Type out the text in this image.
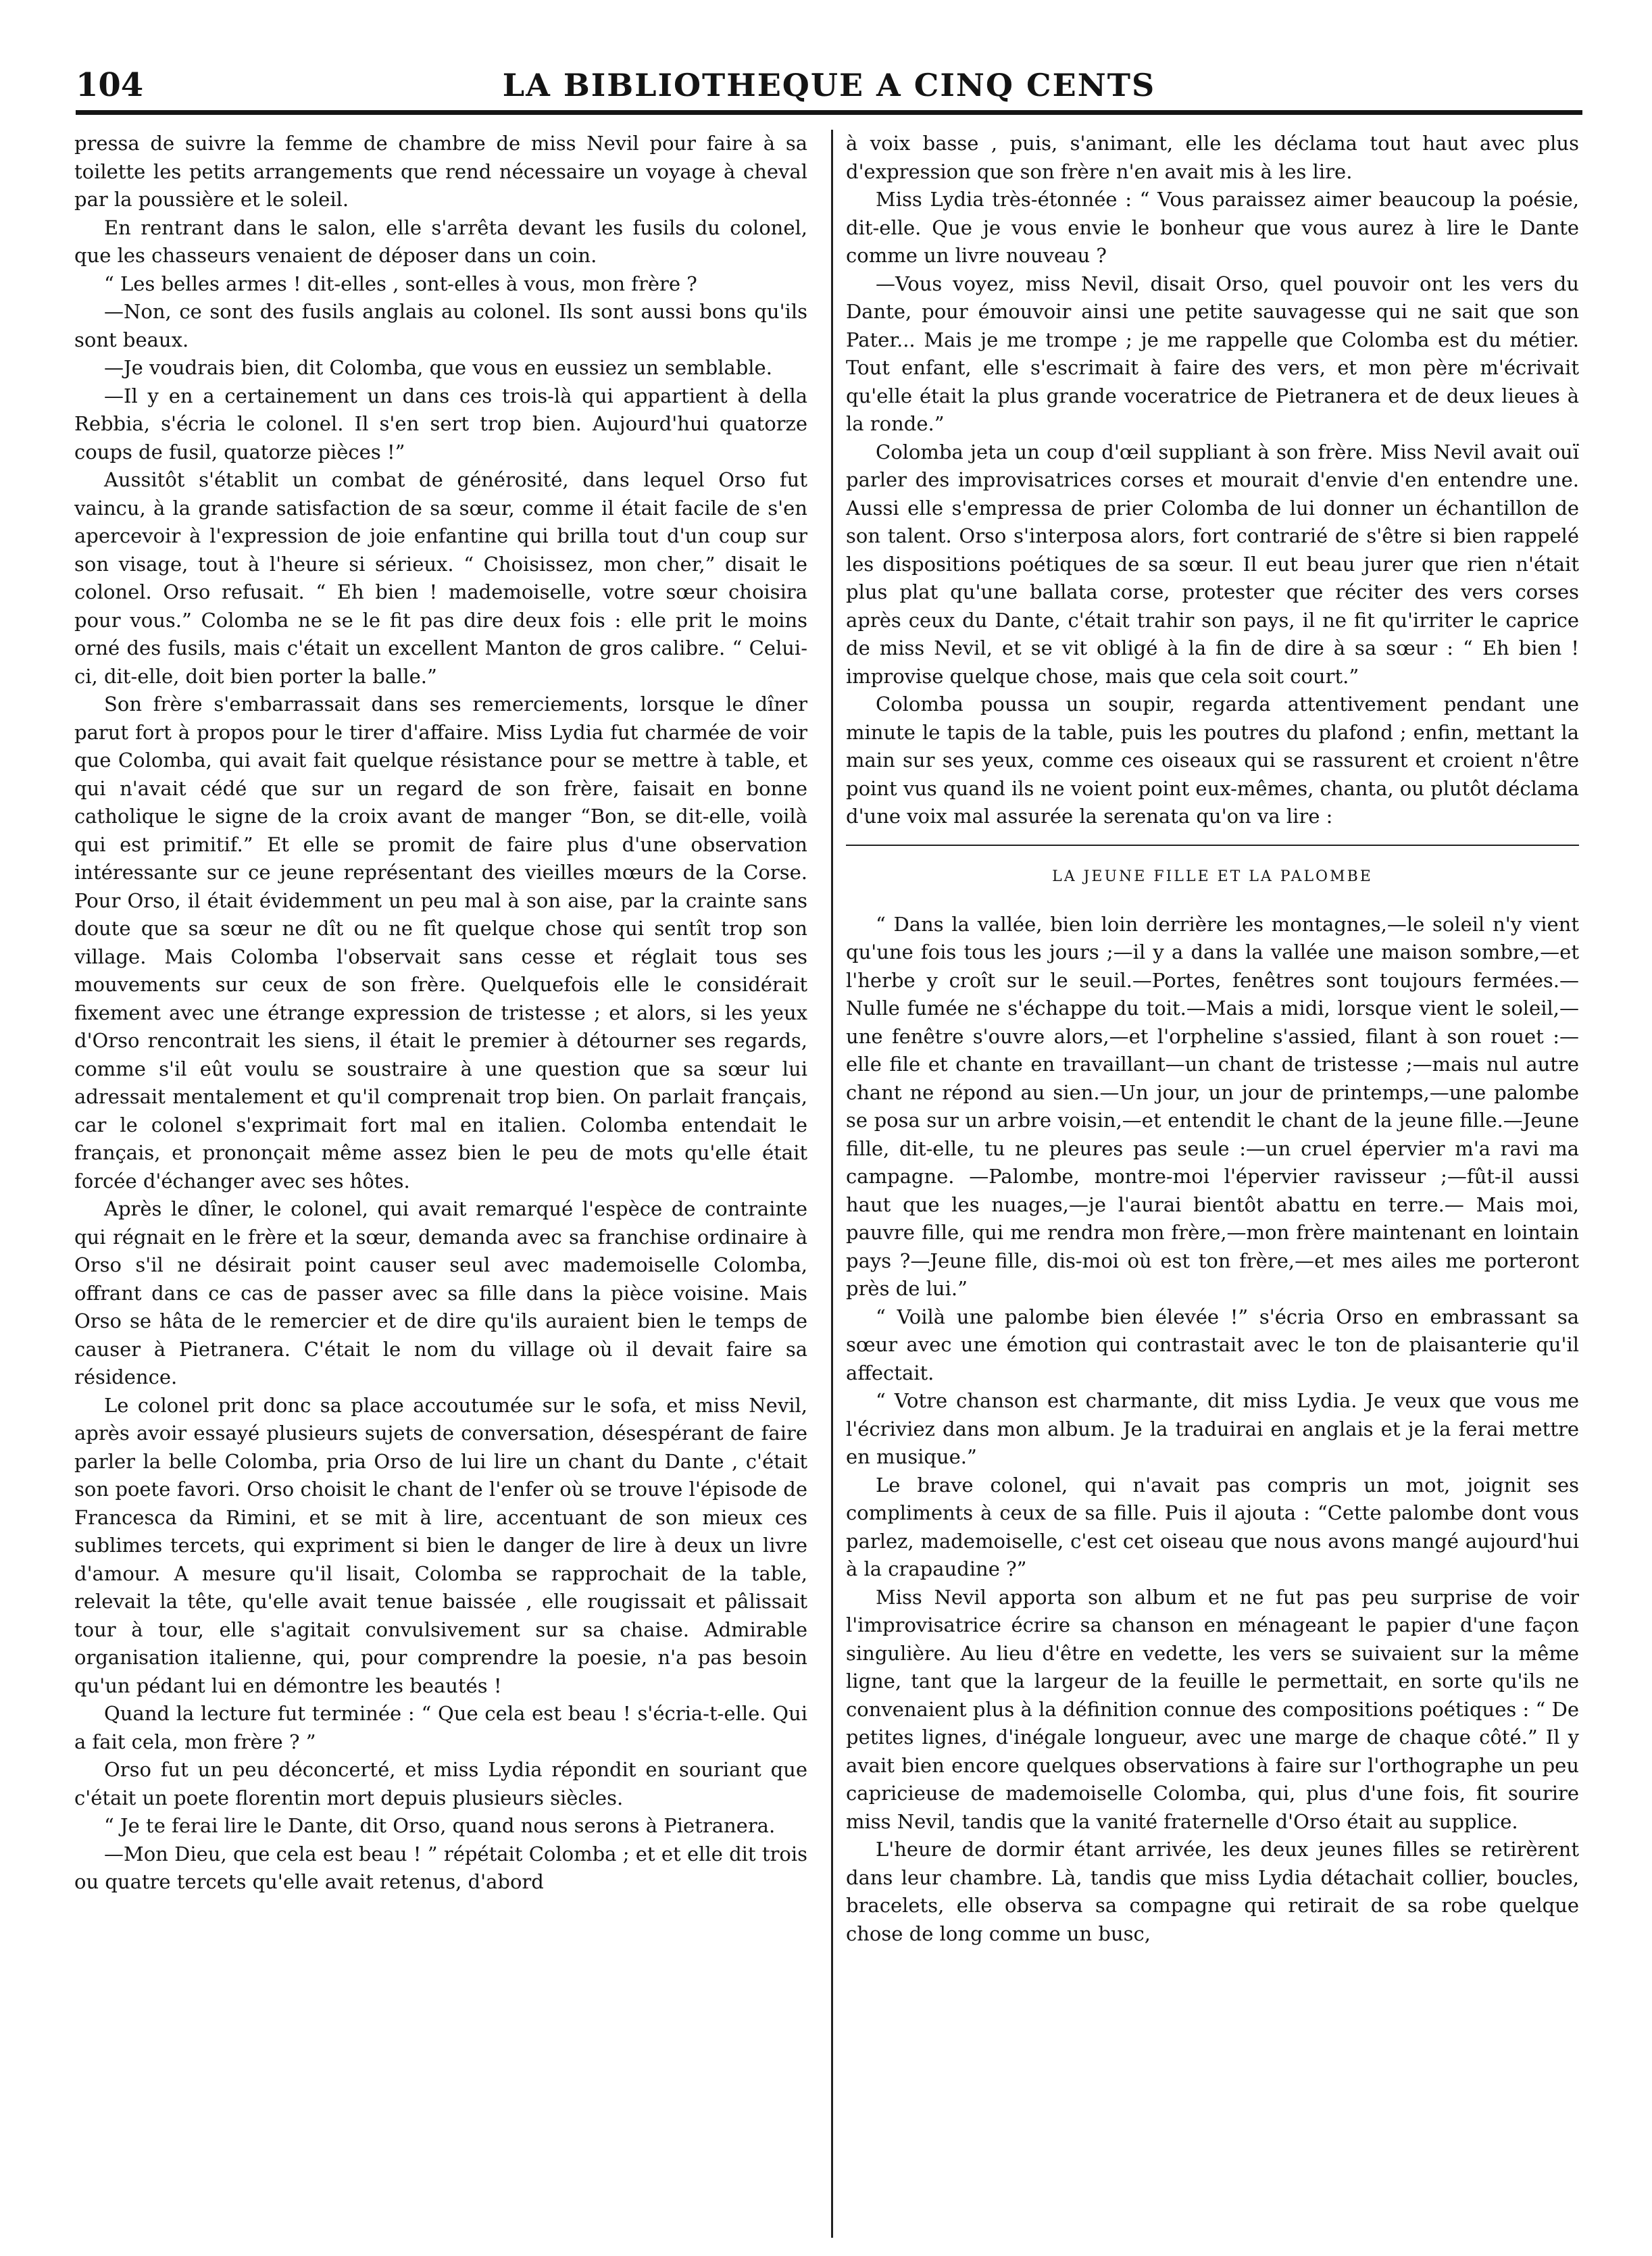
104	LA BIBLIOTHEQUE A CINQ CENTS

pressa de suivre la femme de chambre de miss Nevil pour faire à sa toilette les petits arrangements que rend nécessaire un voyage à cheval par la poussière et le soleil.

En rentrant dans le salon, elle s'arrêta devant les fusils du colonel, que les chasseurs venaient de déposer dans un coin.

“ Les belles armes ! dit-elles , sont-elles à vous, mon frère ?

—Non, ce sont des fusils anglais au colonel. Ils sont aussi bons qu'ils sont beaux.

—Je voudrais bien, dit Colomba, que vous en eussiez un semblable.

—Il y en a certainement un dans ces trois-là qui appartient à della Rebbia, s'écria le colonel. Il s'en sert trop bien. Aujourd'hui quatorze coups de fusil, quatorze pièces !”

Aussitôt s'établit un combat de générosité, dans lequel Orso fut vaincu, à la grande satisfaction de sa sœur, comme il était facile de s'en apercevoir à l'expression de joie enfantine qui brilla tout d'un coup sur son visage, tout à l'heure si sérieux. “ Choisissez, mon cher,” disait le colonel. Orso refusait. “ Eh bien ! mademoiselle, votre sœur choisira pour vous.” Colomba ne se le fit pas dire deux fois : elle prit le moins orné des fusils, mais c'était un excellent Manton de gros calibre. “ Celui-ci, dit-elle, doit bien porter la balle.”

Son frère s'embarrassait dans ses remerciements, lorsque le dîner parut fort à propos pour le tirer d'affaire. Miss Lydia fut charmée de voir que Colomba, qui avait fait quelque résistance pour se mettre à table, et qui n'avait cédé que sur un regard de son frère, faisait en bonne catholique le signe de la croix avant de manger “Bon, se dit-elle, voilà qui est primitif.” Et elle se promit de faire plus d'une observation intéressante sur ce jeune représentant des vieilles mœurs de la Corse. Pour Orso, il était évidemment un peu mal à son aise, par la crainte sans doute que sa sœur ne dît ou ne fît quelque chose qui sentît trop son village. Mais Colomba l'observait sans cesse et réglait tous ses mouvements sur ceux de son frère. Quelquefois elle le considérait fixement avec une étrange expression de tristesse ; et alors, si les yeux d'Orso rencontrait les siens, il était le premier à détourner ses regards, comme s'il eût voulu se soustraire à une question que sa sœur lui adressait mentalement et qu'il comprenait trop bien. On parlait français, car le colonel s'exprimait fort mal en italien. Colomba entendait le français, et prononçait même assez bien le peu de mots qu'elle était forcée d'échanger avec ses hôtes.

Après le dîner, le colonel, qui avait remarqué l'espèce de contrainte qui régnait en le frère et la sœur, demanda avec sa franchise ordinaire à Orso s'il ne désirait point causer seul avec mademoiselle Colomba, offrant dans ce cas de passer avec sa fille dans la pièce voisine. Mais Orso se hâta de le remercier et de dire qu'ils auraient bien le temps de causer à Pietranera. C'était le nom du village où il devait faire sa résidence.

Le colonel prit donc sa place accoutumée sur le sofa, et miss Nevil, après avoir essayé plusieurs sujets de conversation, désespérant de faire parler la belle Colomba, pria Orso de lui lire un chant du Dante , c'était son poete favori. Orso choisit le chant de l'enfer où se trouve l'épisode de Francesca da Rimini, et se mit à lire, accentuant de son mieux ces sublimes tercets, qui expriment si bien le danger de lire à deux un livre d'amour. A mesure qu'il lisait, Colomba se rapprochait de la table, relevait la tête, qu'elle avait tenue baissée , elle rougissait et pâlissait tour à tour, elle s'agitait convulsivement sur sa chaise. Admirable organisation italienne, qui, pour comprendre la poesie, n'a pas besoin qu'un pédant lui en démontre les beautés !

Quand la lecture fut terminée : “ Que cela est beau ! s'écria-t-elle. Qui a fait cela, mon frère ? ”

Orso fut un peu déconcerté, et miss Lydia répondit en souriant que c'était un poete florentin mort depuis plusieurs siècles.

“ Je te ferai lire le Dante, dit Orso, quand nous serons à Pietranera.

—Mon Dieu, que cela est beau ! ” répétait Colomba ; et et elle dit trois ou quatre tercets qu'elle avait retenus, d'abord

à voix basse , puis, s'animant, elle les déclama tout haut avec plus d'expression que son frère n'en avait mis à les lire.

Miss Lydia très-étonnée : “ Vous paraissez aimer beaucoup la poésie, dit-elle. Que je vous envie le bonheur que vous aurez à lire le Dante comme un livre nouveau ?

—Vous voyez, miss Nevil, disait Orso, quel pouvoir ont les vers du Dante, pour émouvoir ainsi une petite sauvagesse qui ne sait que son Pater... Mais je me trompe ; je me rappelle que Colomba est du métier. Tout enfant, elle s'escrimait à faire des vers, et mon père m'écrivait qu'elle était la plus grande voceratrice de Pietranera et de deux lieues à la ronde.”

Colomba jeta un coup d'œil suppliant à son frère. Miss Nevil avait ouï parler des improvisatrices corses et mourait d'envie d'en entendre une. Aussi elle s'empressa de prier Colomba de lui donner un échantillon de son talent. Orso s'interposa alors, fort contrarié de s'être si bien rappelé les dispositions poétiques de sa sœur. Il eut beau jurer que rien n'était plus plat qu'une ballata corse, protester que réciter des vers corses après ceux du Dante, c'était trahir son pays, il ne fit qu'irriter le caprice de miss Nevil, et se vit obligé à la fin de dire à sa sœur : “ Eh bien ! improvise quelque chose, mais que cela soit court.”

Colomba poussa un soupir, regarda attentivement pendant une minute le tapis de la table, puis les poutres du plafond ; enfin, mettant la main sur ses yeux, comme ces oiseaux qui se rassurent et croient n'être point vus quand ils ne voient point eux-mêmes, chanta, ou plutôt déclama d'une voix mal assurée la serenata qu'on va lire :

LA JEUNE FILLE ET LA PALOMBE

“ Dans la vallée, bien loin derrière les montagnes,—le soleil n'y vient qu'une fois tous les jours ;—il y a dans la vallée une maison sombre,—et l'herbe y croît sur le seuil.—Portes, fenêtres sont toujours fermées.—Nulle fumée ne s'échappe du toit.—Mais a midi, lorsque vient le soleil,—une fenêtre s'ouvre alors,—et l'orpheline s'assied, filant à son rouet :—elle file et chante en travaillant—un chant de tristesse ;—mais nul autre chant ne répond au sien.—Un jour, un jour de printemps,—une palombe se posa sur un arbre voisin,—et entendit le chant de la jeune fille.—Jeune fille, dit-elle, tu ne pleures pas seule :—un cruel épervier m'a ravi ma campagne. —Palombe, montre-moi l'épervier ravisseur ;—fût-il aussi haut que les nuages,—je l'aurai bientôt abattu en terre.— Mais moi, pauvre fille, qui me rendra mon frère,—mon frère maintenant en lointain pays ?—Jeune fille, dis-moi où est ton frère,—et mes ailes me porteront près de lui.”

“ Voilà une palombe bien élevée !” s'écria Orso en embrassant sa sœur avec une émotion qui contrastait avec le ton de plaisanterie qu'il affectait.

“ Votre chanson est charmante, dit miss Lydia. Je veux que vous me l'écriviez dans mon album. Je la traduirai en anglais et je la ferai mettre en musique.”

Le brave colonel, qui n'avait pas compris un mot, joignit ses compliments à ceux de sa fille. Puis il ajouta : “Cette palombe dont vous parlez, mademoiselle, c'est cet oiseau que nous avons mangé aujourd'hui à la crapaudine ?”

Miss Nevil apporta son album et ne fut pas peu surprise de voir l'improvisatrice écrire sa chanson en ménageant le papier d'une façon singulière. Au lieu d'être en vedette, les vers se suivaient sur la même ligne, tant que la largeur de la feuille le permettait, en sorte qu'ils ne convenaient plus à la définition connue des compositions poétiques : “ De petites lignes, d'inégale longueur, avec une marge de chaque côté.” Il y avait bien encore quelques observations à faire sur l'orthographe un peu capricieuse de mademoiselle Colomba, qui, plus d'une fois, fit sourire miss Nevil, tandis que la vanité fraternelle d'Orso était au supplice.

L'heure de dormir étant arrivée, les deux jeunes filles se retirèrent dans leur chambre. Là, tandis que miss Lydia détachait collier, boucles, bracelets, elle observa sa compagne qui retirait de sa robe quelque chose de long comme un busc,
